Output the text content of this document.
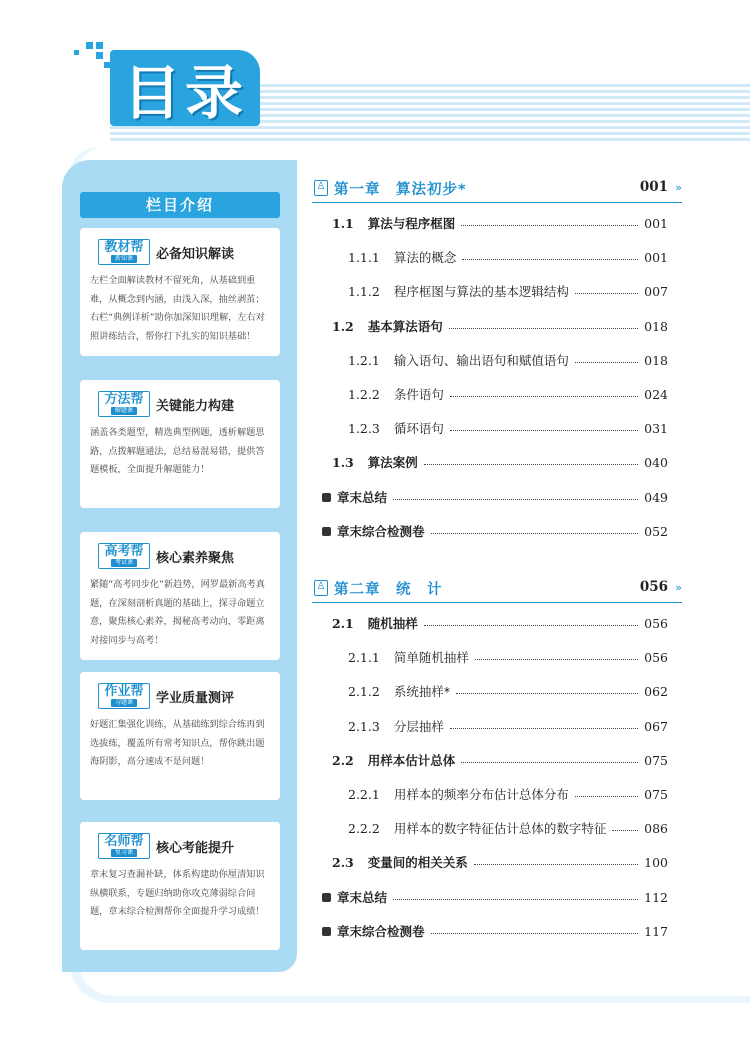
目录
栏目介绍
教材帮
新知课	必备知识解读
左栏全面解读教材不留死角，从基础到重难，从概念到内涵，由浅入深，抽丝剥茧；右栏“典例详析”助你加深知识理解，左右对照讲练结合，帮你打下扎实的知识基础！
方法帮
解题课	关键能力构建
涵盖各类题型，精选典型例题，透析解题思路，点拨解题通法，总结易混易错，提供答题模板，全面提升解题能力！
高考帮
考试课	核心素养聚焦
紧随“高考同步化”新趋势，网罗最新高考真题，在深刻剖析真题的基础上，探寻命题立意，聚焦核心素养，揭秘高考动向，零距离对接同步与高考！
作业帮
习题课	学业质量测评
好题汇集强化训练，从基础练到综合练再到选拔练，覆盖所有常考知识点，帮你跳出题海阴影，高分速成不是问题！
名师帮
复习课	核心考能提升
章末复习查漏补缺，体系构建助你厘清知识纵横联系，专题归纳助你攻克薄弱综合问题，章末综合检测帮你全面提升学习成绩！
♙ 第一章　算法初步*	001 »
1.1 算法与程序框图	001
1.1.1 算法的概念	001
1.1.2 程序框图与算法的基本逻辑结构	007
1.2 基本算法语句	018
1.2.1 输入语句、输出语句和赋值语句	018
1.2.2 条件语句	024
1.2.3 循环语句	031
1.3 算法案例	040
章末总结	049
章末综合检测卷	052
♙ 第二章　统　计	056 »
2.1 随机抽样	056
2.1.1 简单随机抽样	056
2.1.2 系统抽样*	062
2.1.3 分层抽样	067
2.2 用样本估计总体	075
2.2.1 用样本的频率分布估计总体分布	075
2.2.2 用样本的数字特征估计总体的数字特征	086
2.3 变量间的相关关系	100
章末总结	112
章末综合检测卷	117
